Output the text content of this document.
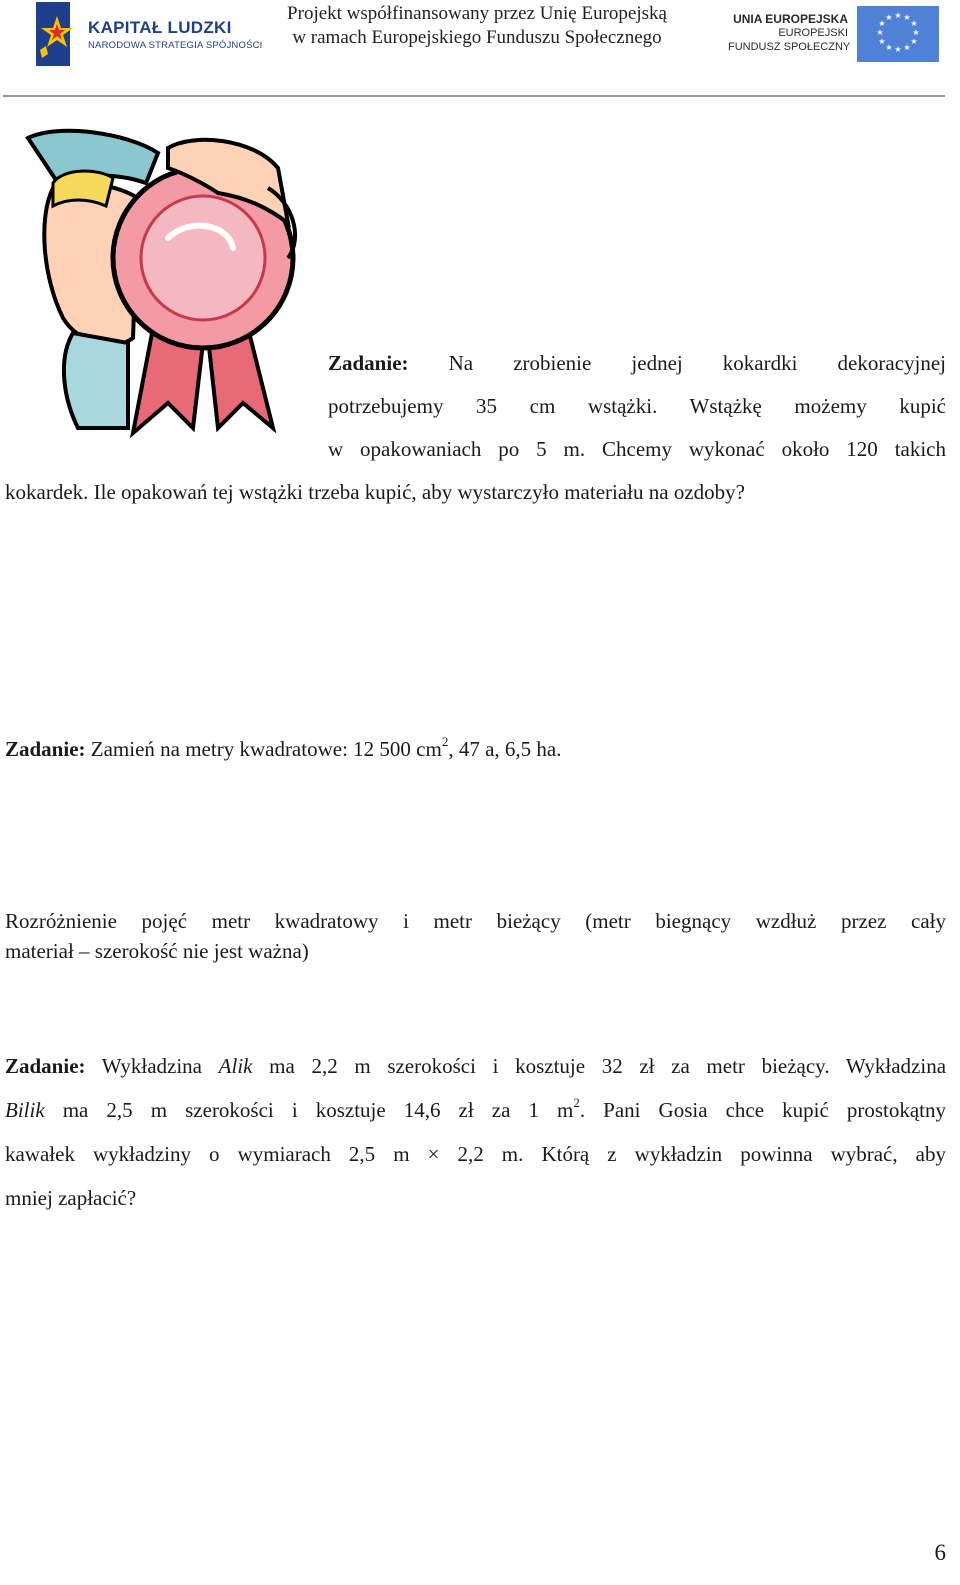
KAPITAŁ LUDZKI
NARODOWA STRATEGIA SPÓJNOŚCI
Projekt współfinansowany przez Unię Europejską
w ramach Europejskiego Funduszu Społecznego
UNIA EUROPEJSKA
EUROPEJSKI
FUNDUSZ SPOŁECZNY
★ ★
★
★
★
★
★
★
★
★
★
★
Zadanie: Na zrobienie jednej kokardki dekoracyjnej
potrzebujemy 35 cm wstążki. Wstążkę możemy kupić
w opakowaniach po 5 m. Chcemy wykonać około 120 takich
kokardek. Ile opakowań tej wstążki trzeba kupić, aby wystarczyło materiału na ozdoby?
Zadanie: Zamień na metry kwadratowe: 12 500 $cm^2$, 47 a, 6,5 ha.
Rozróżnienie pojęć metr kwadratowy i metr bieżący (metr biegnący wzdłuż przez cały
materiał – szerokość nie jest ważna)
Zadanie: Wykładzina Alik ma 2,2 m szerokości i kosztuje 32 zł za metr bieżący. Wykładzina
Bilik ma 2,5 m szerokości i kosztuje 14,6 zł za 1 $m^2$. Pani Gosia chce kupić prostokątny
kawałek wykładziny o wymiarach 2,5 m × 2,2 m. Którą z wykładzin powinna wybrać, aby
mniej zapłacić?
6
